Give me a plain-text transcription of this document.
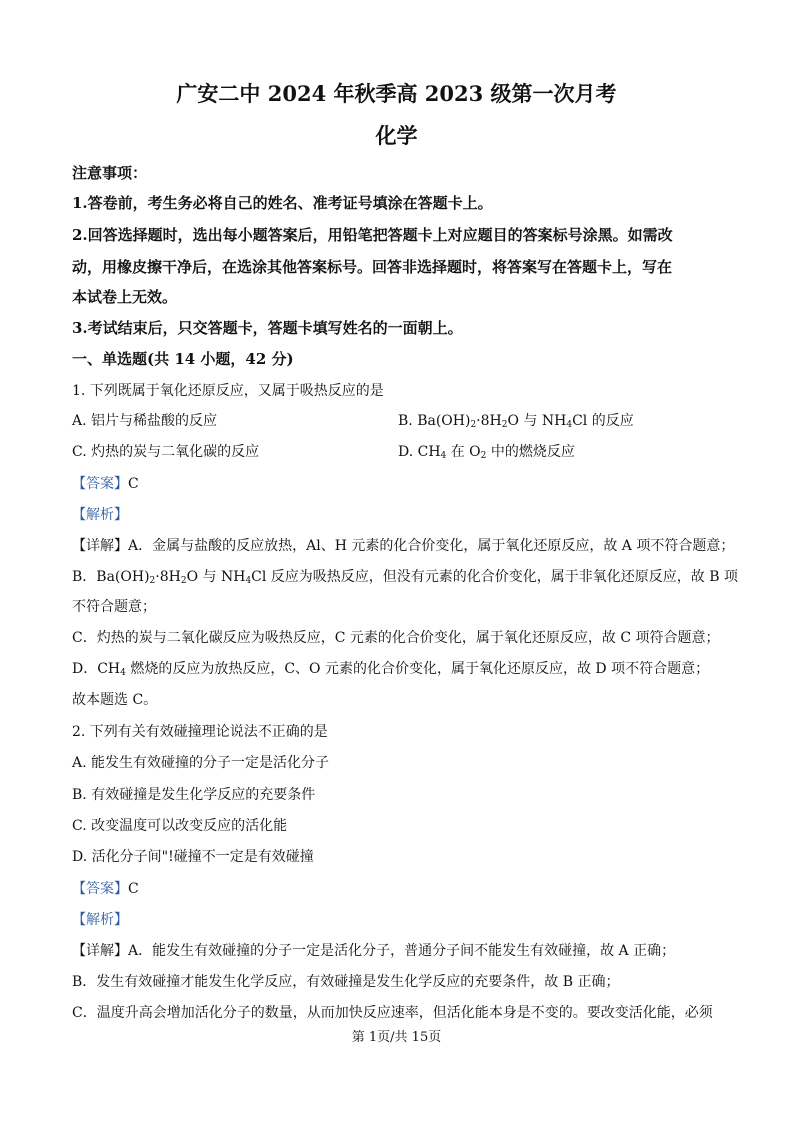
广安二中 2024 年秋季高 2023 级第一次月考
化学
注意事项：
1.答卷前，考生务必将自己的姓名、准考证号填涂在答题卡上。
2.回答选择题时，选出每小题答案后，用铅笔把答题卡上对应题目的答案标号涂黑。如需改
动，用橡皮擦干净后，在选涂其他答案标号。回答非选择题时，将答案写在答题卡上，写在
本试卷上无效。
3.考试结束后，只交答题卡，答题卡填写姓名的一面朝上。
一、单选题(共 14 小题，42 分)
1. 下列既属于氧化还原反应，又属于吸热反应的是
A. 铝片与稀盐酸的反应	B. $Ba(OH)_2\cdot 8H_2O$ 与 $NH_4Cl$ 的反应
C. 灼热的炭与二氧化碳的反应	D. $CH_4$ 在 $O_2$ 中的燃烧反应
【答案】C
【解析】
【详解】A．金属与盐酸的反应放热，Al、H 元素的化合价变化，属于氧化还原反应，故 A 项不符合题意；
B．$Ba(OH)_2\cdot 8H_2O$ 与 $NH_4Cl$ 反应为吸热反应，但没有元素的化合价变化，属于非氧化还原反应，故 B 项
不符合题意；
C．灼热的炭与二氧化碳反应为吸热反应，C 元素的化合价变化，属于氧化还原反应，故 C 项符合题意；
D．$CH_4$ 燃烧的反应为放热反应，C、O 元素的化合价变化，属于氧化还原反应，故 D 项不符合题意；
故本题选 C。
2. 下列有关有效碰撞理论说法不正确的是
A. 能发生有效碰撞的分子一定是活化分子
B. 有效碰撞是发生化学反应的充要条件
C. 改变温度可以改变反应的活化能
D. 活化分子间"!碰撞不一定是有效碰撞
【答案】C
【解析】
【详解】A．能发生有效碰撞的分子一定是活化分子，普通分子间不能发生有效碰撞，故 A 正确；
B．发生有效碰撞才能发生化学反应，有效碰撞是发生化学反应的充要条件，故 B 正确；
C．温度升高会增加活化分子的数量，从而加快反应速率，但活化能本身是不变的。要改变活化能，必须
第 1页/共 15页
